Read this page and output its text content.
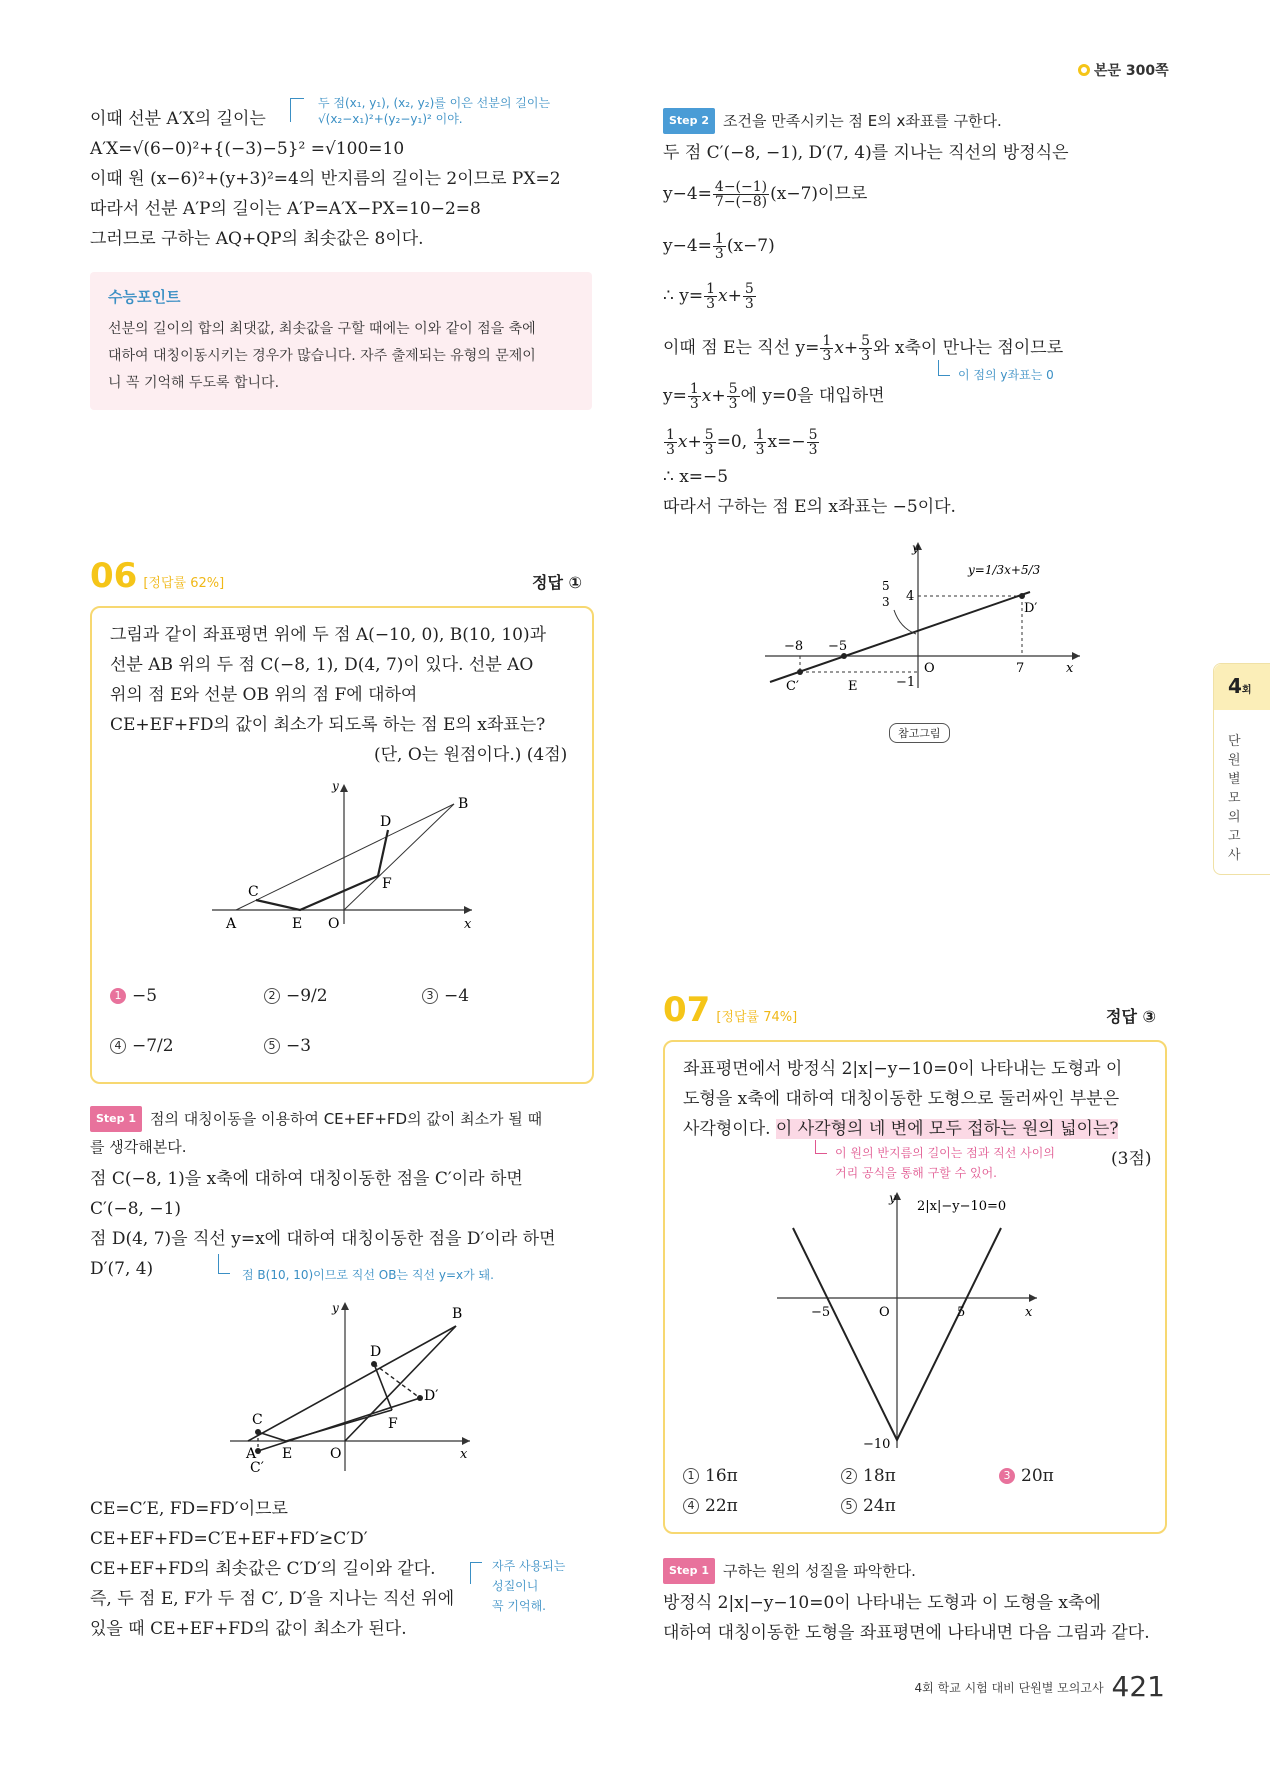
본문 300쪽
이때 선분 A′X의 길이는
두 점(x₁, y₁), (x₂, y₂)를 이은 선분의 길이는
√(x₂−x₁)²+(y₂−y₁)² 이야.
A′X=√(6−0)²+{(−3)−5}² =√100=10
이때 원 (x−6)²+(y+3)²=4의 반지름의 길이는 2이므로 PX=2
따라서 선분 A′P의 길이는 A′P=A′X−PX=10−2=8
그러므로 구하는 AQ+QP의 최솟값은 8이다.
수능포인트
선분의 길이의 합의 최댓값, 최솟값을 구할 때에는 이와 같이 점을 축에
대하여 대칭이동시키는 경우가 많습니다. 자주 출제되는 유형의 문제이
니 꼭 기억해 두도록 합니다.
06 [정답률 62%]	정답 ①
그림과 같이 좌표평면 위에 두 점 A(−10, 0), B(10, 10)과
선분 AB 위의 두 점 C(−8, 1), D(4, 7)이 있다. 선분 AO
위의 점 E와 선분 OB 위의 점 F에 대하여
CE+EF+FD의 값이 최소가 되도록 하는 점 E의 x좌표는?
(단, O는 원점이다.) (4점)
y
x
A
B
C
D
E
F
O
1 −5	2 −9/2	3 −4
4 −7/2	5 −3
Step 1 점의 대칭이동을 이용하여 CE+EF+FD의 값이 최소가 될 때
를 생각해본다.
점 C(−8, 1)을 x축에 대하여 대칭이동한 점을 C′이라 하면
C′(−8, −1)
점 D(4, 7)을 직선 y=x에 대하여 대칭이동한 점을 D′이라 하면
D′(7, 4)	점 B(10, 10)이므로 직선 OB는 직선 y=x가 돼.
A
B
C
D
E
F
O
C′
D′
y
x
CE=C′E, FD=FD′이므로
CE+EF+FD=C′E+EF+FD′≥C′D′
CE+EF+FD의 최솟값은 C′D′의 길이와 같다.
즉, 두 점 E, F가 두 점 C′, D′을 지나는 직선 위에
있을 때 CE+EF+FD의 값이 최소가 된다.
자주 사용되는
성질이니
꼭 기억해.
Step 2 조건을 만족시키는 점 E의 x좌표를 구한다.
두 점 C′(−8, −1), D′(7, 4)를 지나는 직선의 방정식은
$y-4= \frac{4-(-1)}{7-(-8)} (x-7)$이므로
$y-4= \frac{1}{3} (x-7)$
∴ $y= \frac{1}{3} x+ \frac{5}{3}$
이때 점 E는 직선 $y= \frac{1}{3} x+ \frac{5}{3}$ 와 x축이 만나는 점이므로
이 점의 y좌표는 0
$y= \frac{1}{3} x+ \frac{5}{3}$ 에 y=0을 대입하면
$\frac{1}{3} x+ \frac{5}{3} =0$, $\frac{1}{3} x=- \frac{5}{3}$
∴ x=−5
따라서 구하는 점 E의 x좌표는 −5이다.
y
x
O
−8 −5
−1
4
7
5
3
C′
D′
E
y=1/3x+5/3
참고그림
07 [정답률 74%]	정답 ③
좌표평면에서 방정식 2|x|−y−10=0이 나타내는 도형과 이
도형을 x축에 대하여 대칭이동한 도형으로 둘러싸인 부분은
사각형이다. 이 사각형의 네 변에 모두 접하는 원의 넓이는?
이 원의 반지름의 길이는 점과 직선 사이의
거리 공식을 통해 구할 수 있어.
(3점)
y
x
O
−5	5
−10
2|x|−y−10=0
1 16π	2 18π	3 20π
4 22π	5 24π
Step 1 구하는 원의 성질을 파악한다.
방정식 2|x|−y−10=0이 나타내는 도형과 이 도형을 x축에
대하여 대칭이동한 도형을 좌표평면에 나타내면 다음 그림과 같다.
4회
단원별 모의고사
4회 학교 시험 대비 단원별 모의고사 421
